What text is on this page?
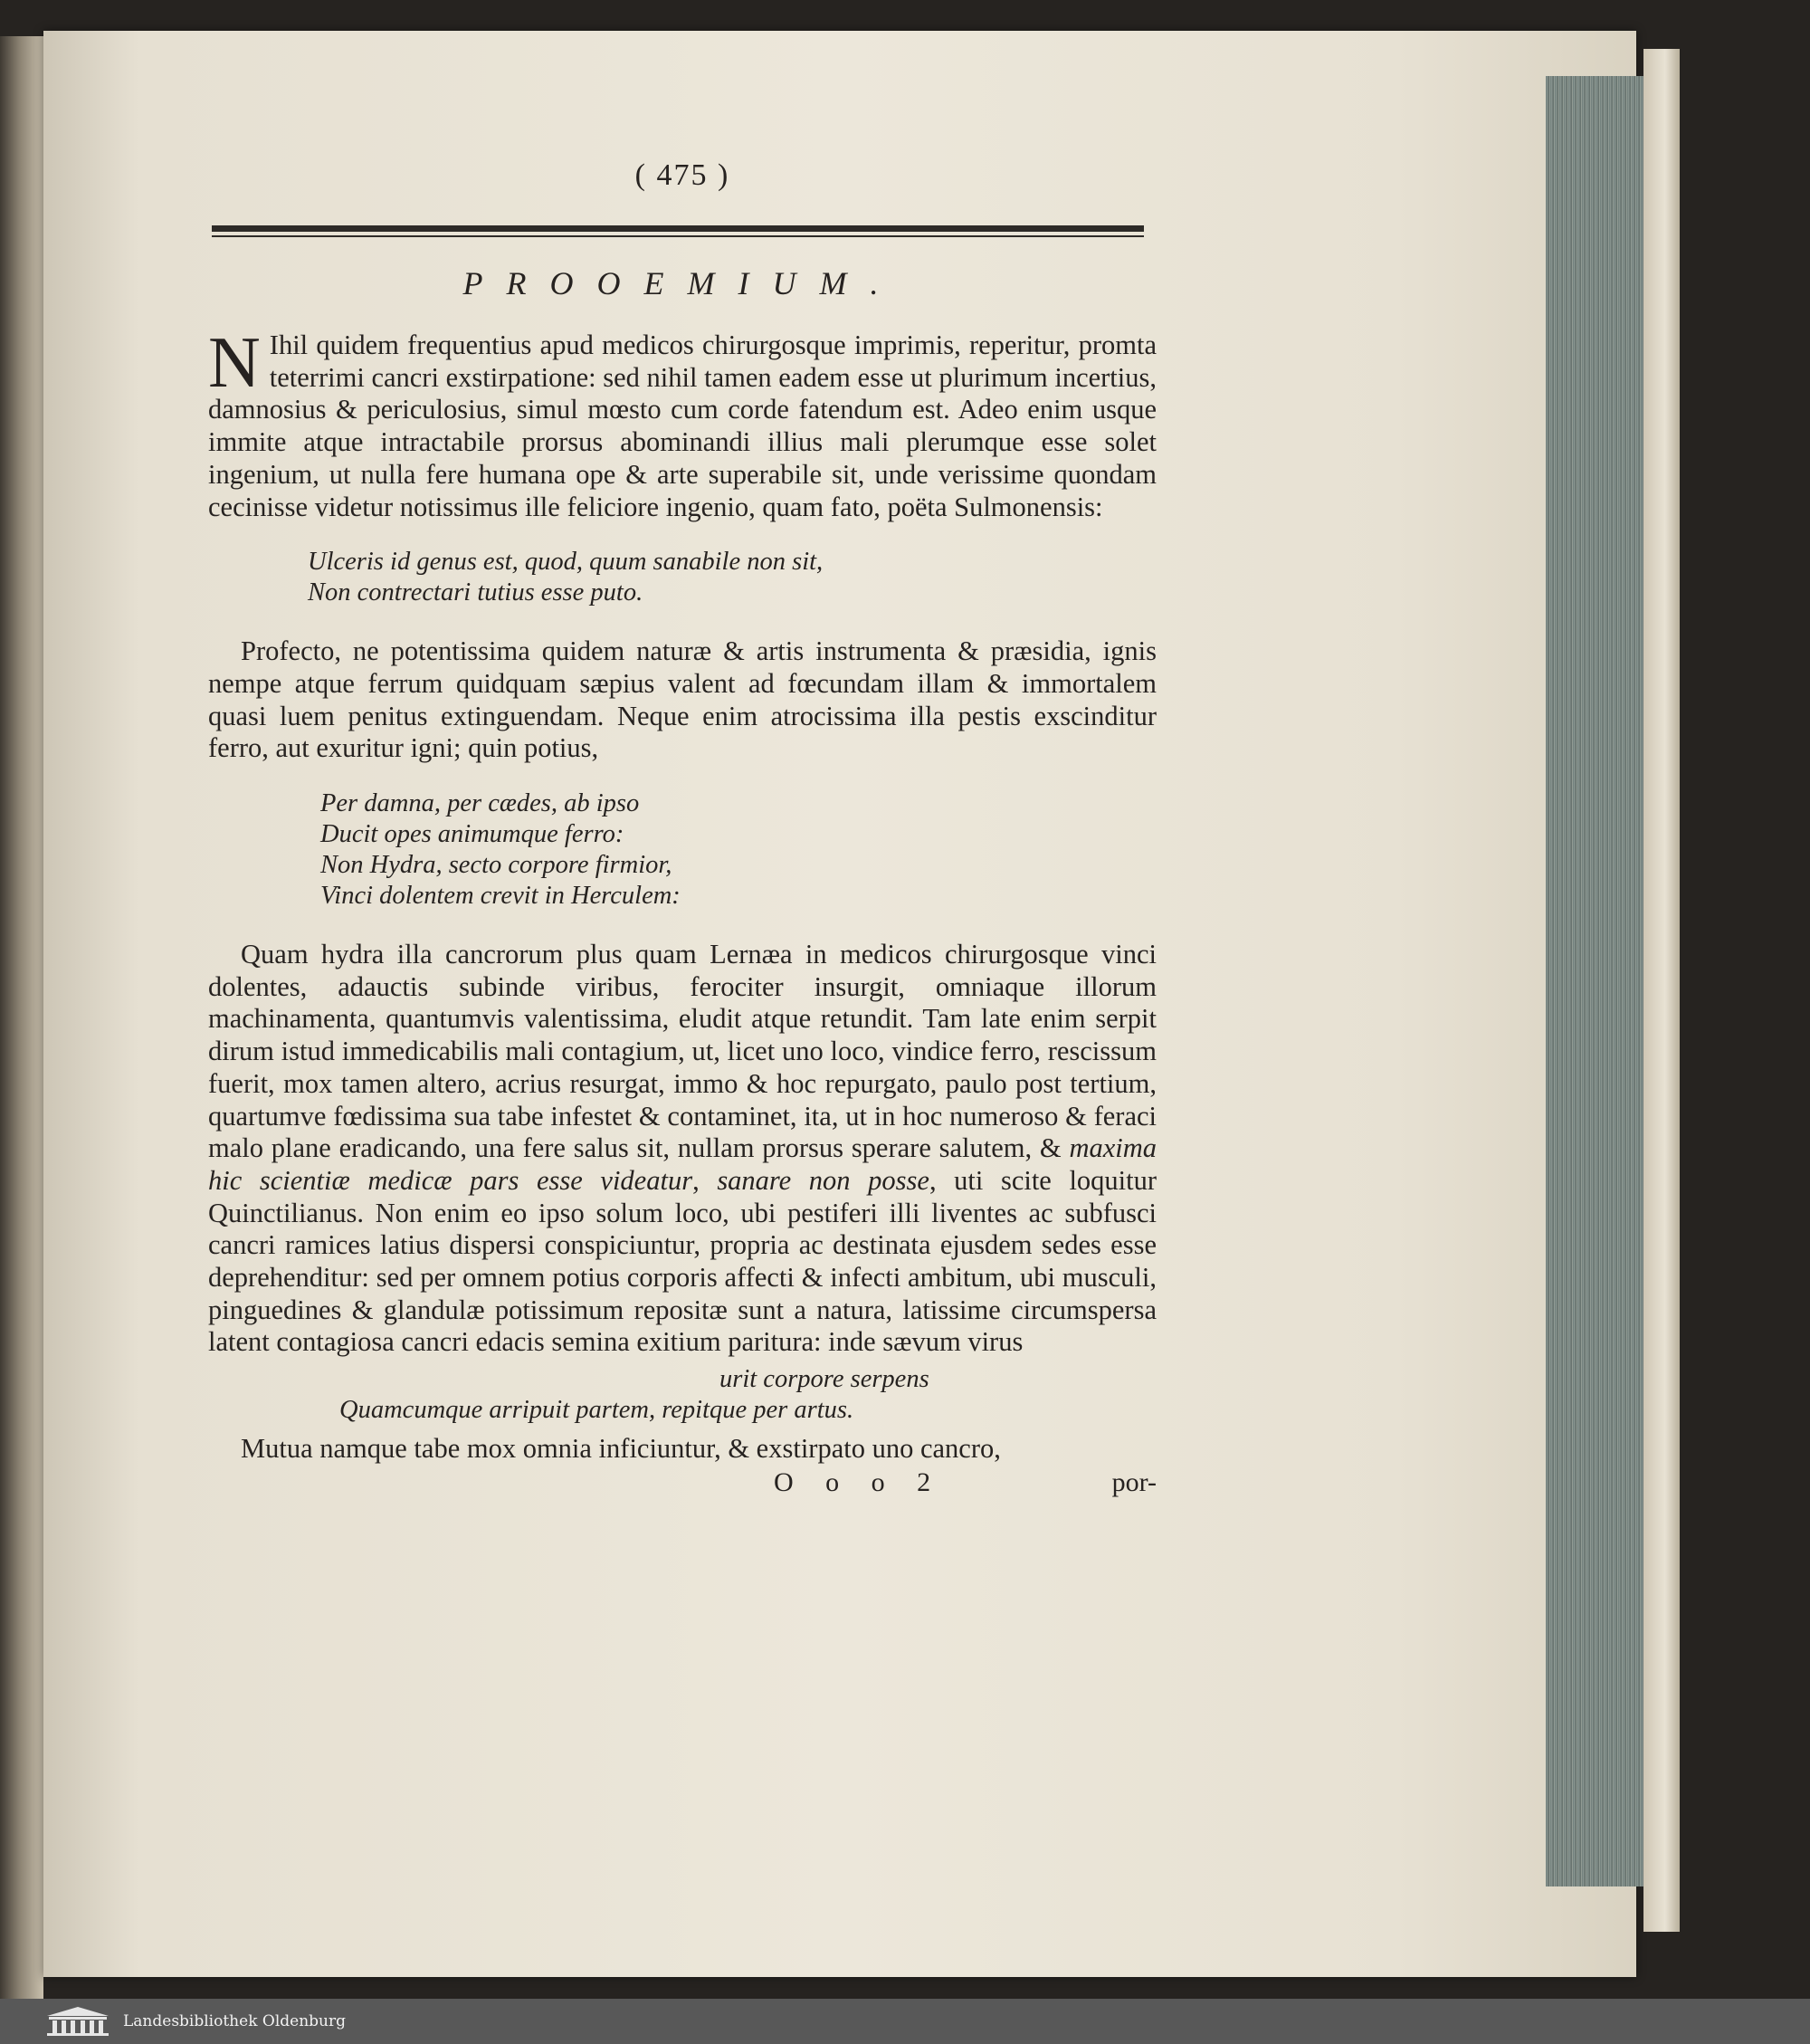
( 475 )
PROOEMIUM.

N Ihil quidem frequentius apud medicos chirurgosque imprimis, reperitur, promta teterrimi cancri exstirpatione: sed nihil tamen eadem esse ut plurimum incertius, damnosius & periculosius, simul mœsto cum corde fatendum est. Adeo enim usque immite atque intractabile prorsus abominandi illius mali plerumque esse solet ingenium, ut nulla fere humana ope & arte superabile sit, unde verissime quondam cecinisse videtur notissimus ille feliciore ingenio, quam fato, poëta Sulmonensis:

Ulceris id genus est, quod, quum sanabile non sit,
Non contrectari tutius esse puto.

Profecto, ne potentissima quidem naturæ & artis instrumenta & præsidia, ignis nempe atque ferrum quidquam sæpius valent ad fœcundam illam & immortalem quasi luem penitus extinguendam. Neque enim atrocissima illa pestis exscinditur ferro, aut exuritur igni; quin potius,

Per damna, per cædes, ab ipso
Ducit opes animumque ferro:
Non Hydra, secto corpore firmior,
Vinci dolentem crevit in Herculem:

Quam hydra illa cancrorum plus quam Lernæa in medicos chirurgosque vinci dolentes, adauctis subinde viribus, ferociter insurgit, omniaque illorum machinamenta, quantumvis valentissima, eludit atque retundit. Tam late enim serpit dirum istud immedicabilis mali contagium, ut, licet uno loco, vindice ferro, rescissum fuerit, mox tamen altero, acrius resurgat, immo & hoc repurgato, paulo post tertium, quartumve fœdissima sua tabe infestet & contaminet, ita, ut in hoc numeroso & feraci malo plane eradicando, una fere salus sit, nullam prorsus sperare salutem, & maxima hic scientiæ medicæ pars esse videatur, sanare non posse, uti scite loquitur Quinctilianus. Non enim eo ipso solum loco, ubi pestiferi illi liventes ac subfusci cancri ramices latius dispersi conspiciuntur, propria ac destinata ejusdem sedes esse deprehenditur: sed per omnem potius corporis affecti & infecti ambitum, ubi musculi, pinguedines & glandulæ potissimum repositæ sunt a natura, latissime circumspersa latent contagiosa cancri edacis semina exitium paritura: inde sævum virus

urit corpore serpens
Quamcumque arripuit partem, repitque per artus.

Mutua namque tabe mox omnia inficiuntur, & exstirpato uno cancro,

O o o 2	por-
Landesbibliothek Oldenburg
